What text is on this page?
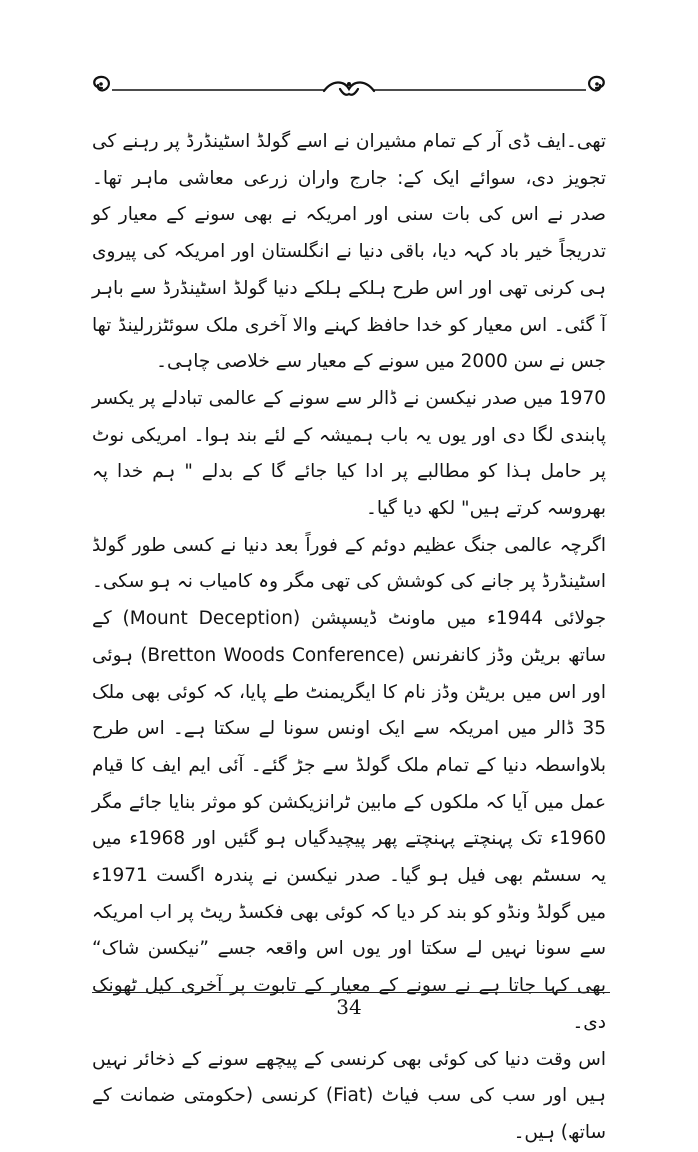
تھی۔ایف ڈی آر کے تمام مشیران نے اسے گولڈ اسٹینڈرڈ پر رہنے کی تجویز دی، سوائے ایک کے: جارج واران زرعی معاشی ماہر تھا۔ صدر نے اس کی بات سنی اور امریکہ نے بھی سونے کے معیار کو تدریجاً خیر باد کہہ دیا، باقی دنیا نے انگلستان اور امریکہ کی پیروی ہی کرنی تھی اور اس طرح ہلکے ہلکے دنیا گولڈ اسٹینڈرڈ سے باہر آ گئی۔ اس معیار کو خدا حافظ کہنے والا آخری ملک سوئٹزرلینڈ تھا جس نے سن 2000 میں سونے کے معیار سے خلاصی چاہی۔

1970 میں صدر نیکسن نے ڈالر سے سونے کے عالمی تبادلے پر یکسر پابندی لگا دی اور یوں یہ باب ہمیشہ کے لئے بند ہوا۔ امریکی نوٹ پر حامل ہذا کو مطالبے پر ادا کیا جائے گا کے بدلے " ہم خدا پہ بھروسہ کرتے ہیں" لکھ دیا گیا۔

اگرچہ عالمی جنگ عظیم دوئم کے فوراً بعد دنیا نے کسی طور گولڈ اسٹینڈرڈ پر جانے کی کوشش کی تھی مگر وہ کامیاب نہ ہو سکی۔ جولائی 1944ء میں ماونٹ ڈیسپشن (Mount Deception) کے ساتھ بریٹن وڈز کانفرنس (Bretton Woods Conference) ہوئی اور اس میں بریٹن وڈز نام کا ایگریمنٹ طے پایا، کہ کوئی بھی ملک 35 ڈالر میں امریکہ سے ایک اونس سونا لے سکتا ہے۔ اس طرح بلاواسطہ دنیا کے تمام ملک گولڈ سے جڑ گئے۔ آئی ایم ایف کا قیام عمل میں آیا کہ ملکوں کے مابین ٹرانزیکشن کو موثر بنایا جائے مگر 1960ء تک پہنچتے پہنچتے پھر پیچیدگیاں ہو گئیں اور 1968ء میں یہ سسٹم بھی فیل ہو گیا۔ صدر نیکسن نے پندرہ اگست 1971ء میں گولڈ ونڈو کو بند کر دیا کہ کوئی بھی فکسڈ ریٹ پر اب امریکہ سے سونا نہیں لے سکتا اور یوں اس واقعہ جسے ”نیکسن شاک“ بھی کہا جاتا ہے نے سونے کے معیار کے تابوت پر آخری کیل ٹھونک دی۔

اس وقت دنیا کی کوئی بھی کرنسی کے پیچھے سونے کے ذخائر نہیں ہیں اور سب کی سب فیاٹ (Fiat) کرنسی (حکومتی ضمانت کے ساتھ) ہیں۔

34
